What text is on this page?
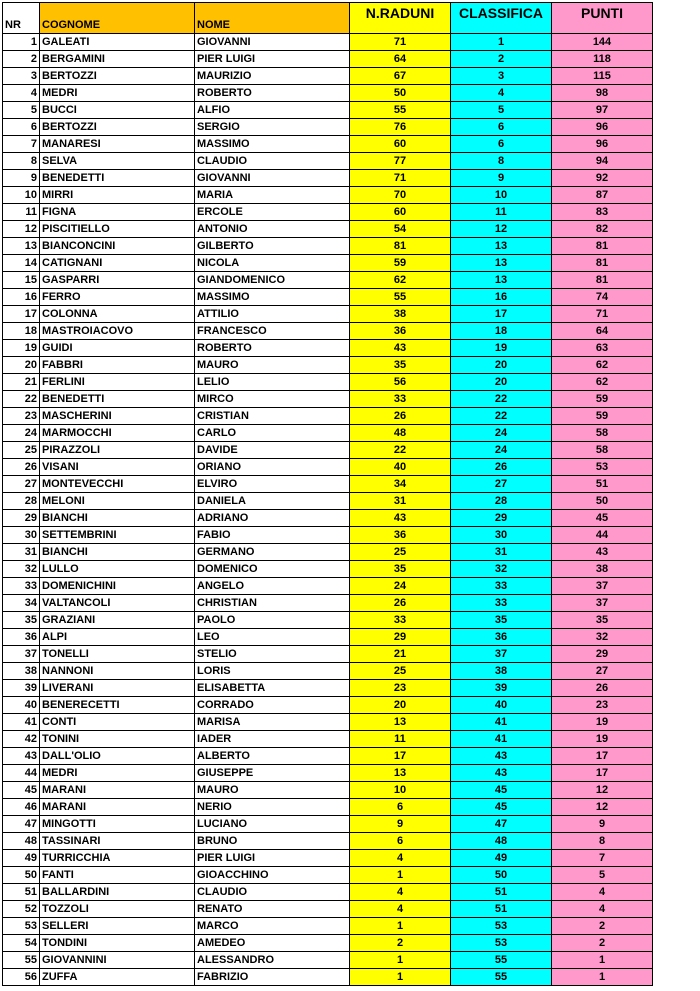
NR	COGNOME	NOME	N.RADUNI	CLASSIFICA	PUNTI
1	GALEATI	GIOVANNI	71	1	144
2	BERGAMINI	PIER LUIGI	64	2	118
3	BERTOZZI	MAURIZIO	67	3	115
4	MEDRI	ROBERTO	50	4	98
5	BUCCI	ALFIO	55	5	97
6	BERTOZZI	SERGIO	76	6	96
7	MANARESI	MASSIMO	60	6	96
8	SELVA	CLAUDIO	77	8	94
9	BENEDETTI	GIOVANNI	71	9	92
10	MIRRI	MARIA	70	10	87
11	FIGNA	ERCOLE	60	11	83
12	PISCITIELLO	ANTONIO	54	12	82
13	BIANCONCINI	GILBERTO	81	13	81
14	CATIGNANI	NICOLA	59	13	81
15	GASPARRI	GIANDOMENICO	62	13	81
16	FERRO	MASSIMO	55	16	74
17	COLONNA	ATTILIO	38	17	71
18	MASTROIACOVO	FRANCESCO	36	18	64
19	GUIDI	ROBERTO	43	19	63
20	FABBRI	MAURO	35	20	62
21	FERLINI	LELIO	56	20	62
22	BENEDETTI	MIRCO	33	22	59
23	MASCHERINI	CRISTIAN	26	22	59
24	MARMOCCHI	CARLO	48	24	58
25	PIRAZZOLI	DAVIDE	22	24	58
26	VISANI	ORIANO	40	26	53
27	MONTEVECCHI	ELVIRO	34	27	51
28	MELONI	DANIELA	31	28	50
29	BIANCHI	ADRIANO	43	29	45
30	SETTEMBRINI	FABIO	36	30	44
31	BIANCHI	GERMANO	25	31	43
32	LULLO	DOMENICO	35	32	38
33	DOMENICHINI	ANGELO	24	33	37
34	VALTANCOLI	CHRISTIAN	26	33	37
35	GRAZIANI	PAOLO	33	35	35
36	ALPI	LEO	29	36	32
37	TONELLI	STELIO	21	37	29
38	NANNONI	LORIS	25	38	27
39	LIVERANI	ELISABETTA	23	39	26
40	BENERECETTI	CORRADO	20	40	23
41	CONTI	MARISA	13	41	19
42	TONINI	IADER	11	41	19
43	DALL'OLIO	ALBERTO	17	43	17
44	MEDRI	GIUSEPPE	13	43	17
45	MARANI	MAURO	10	45	12
46	MARANI	NERIO	6	45	12
47	MINGOTTI	LUCIANO	9	47	9
48	TASSINARI	BRUNO	6	48	8
49	TURRICCHIA	PIER LUIGI	4	49	7
50	FANTI	GIOACCHINO	1	50	5
51	BALLARDINI	CLAUDIO	4	51	4
52	TOZZOLI	RENATO	4	51	4
53	SELLERI	MARCO	1	53	2
54	TONDINI	AMEDEO	2	53	2
55	GIOVANNINI	ALESSANDRO	1	55	1
56	ZUFFA	FABRIZIO	1	55	1
